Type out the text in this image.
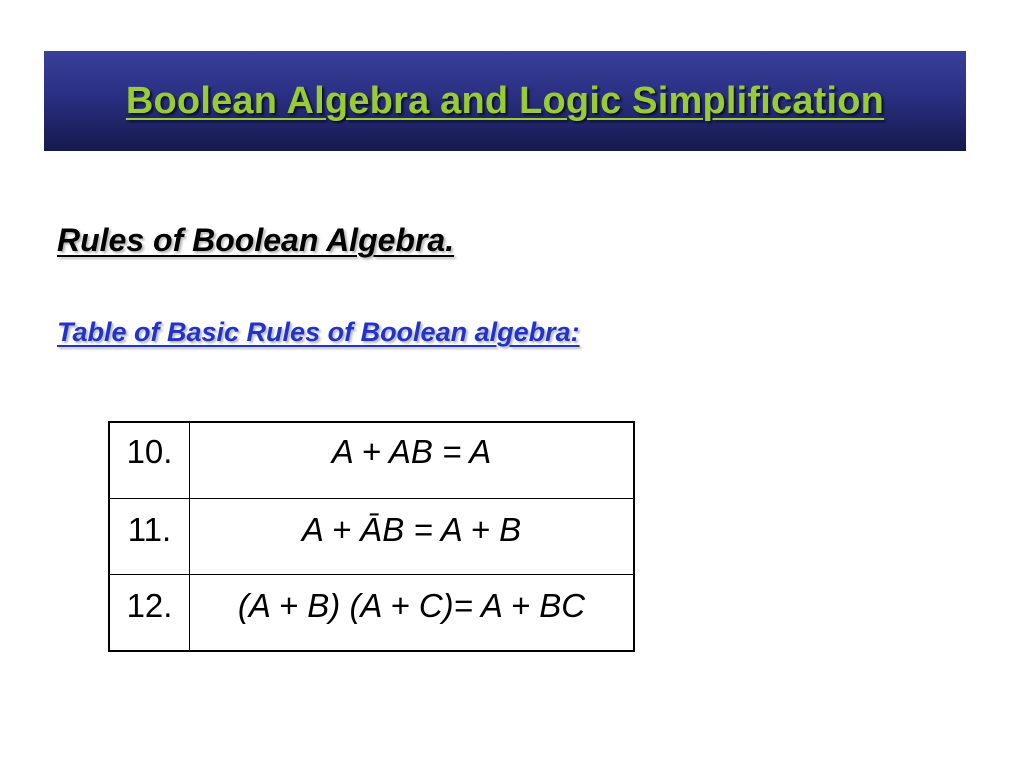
Boolean Algebra and Logic Simplification
Rules of Boolean Algebra.
Table of Basic Rules of Boolean algebra:
10.	A + AB = A
11.	A + ĀB = A + B
12.	(A + B) (A + C)= A + BC
